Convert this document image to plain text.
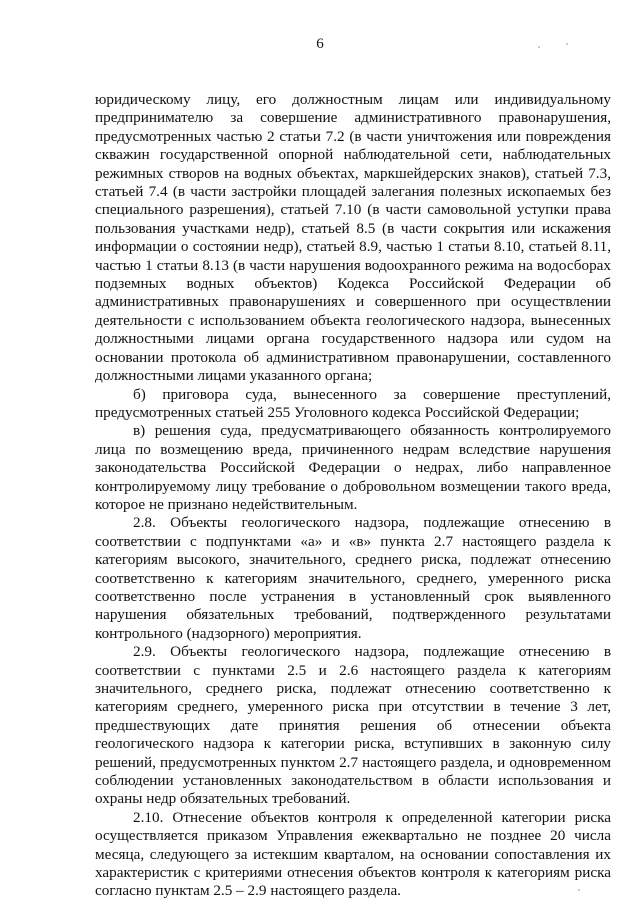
6

юридическому лицу, его должностным лицам или индивидуальному предпринимателю за совершение административного правонарушения, предусмотренных частью 2 статьи 7.2 (в части уничтожения или повреждения скважин государственной опорной наблюдательной сети, наблюдательных режимных створов на водных объектах, маркшейдерских знаков), статьей 7.3, статьей 7.4 (в части застройки площадей залегания полезных ископаемых без специального разрешения), статьей 7.10 (в части самовольной уступки права пользования участками недр), статьей 8.5 (в части сокрытия или искажения информации о состоянии недр), статьей 8.9, частью 1 статьи 8.10, статьей 8.11, частью 1 статьи 8.13 (в части нарушения водоохранного режима на водосборах подземных водных объектов) Кодекса Российской Федерации об административных правонарушениях и совершенного при осуществлении деятельности с использованием объекта геологического надзора, вынесенных должностными лицами органа государственного надзора или судом на основании протокола об административном правонарушении, составленного должностными лицами указанного органа;

б) приговора суда, вынесенного за совершение преступлений, предусмотренных статьей 255 Уголовного кодекса Российской Федерации;

в) решения суда, предусматривающего обязанность контролируемого лица по возмещению вреда, причиненного недрам вследствие нарушения законодательства Российской Федерации о недрах, либо направленное контролируемому лицу требование о добровольном возмещении такого вреда, которое не признано недействительным.

2.8. Объекты геологического надзора, подлежащие отнесению в соответствии с подпунктами «а» и «в» пункта 2.7 настоящего раздела к категориям высокого, значительного, среднего риска, подлежат отнесению соответственно к категориям значительного, среднего, умеренного риска соответственно после устранения в установленный срок выявленного нарушения обязательных требований, подтвержденного результатами контрольного (надзорного) мероприятия.

2.9. Объекты геологического надзора, подлежащие отнесению в соответствии с пунктами 2.5 и 2.6 настоящего раздела к категориям значительного, среднего риска, подлежат отнесению соответственно к категориям среднего, умеренного риска при отсутствии в течение 3 лет, предшествующих дате принятия решения об отнесении объекта геологического надзора к категории риска, вступивших в законную силу решений, предусмотренных пунктом 2.7 настоящего раздела, и одновременном соблюдении установленных законодательством в области использования и охраны недр обязательных требований.

2.10. Отнесение объектов контроля к определенной категории риска осуществляется приказом Управления ежеквартально не позднее 20 числа месяца, следующего за истекшим кварталом, на основании сопоставления их характеристик с критериями отнесения объектов контроля к категориям риска согласно пунктам 2.5 – 2.9 настоящего раздела.
